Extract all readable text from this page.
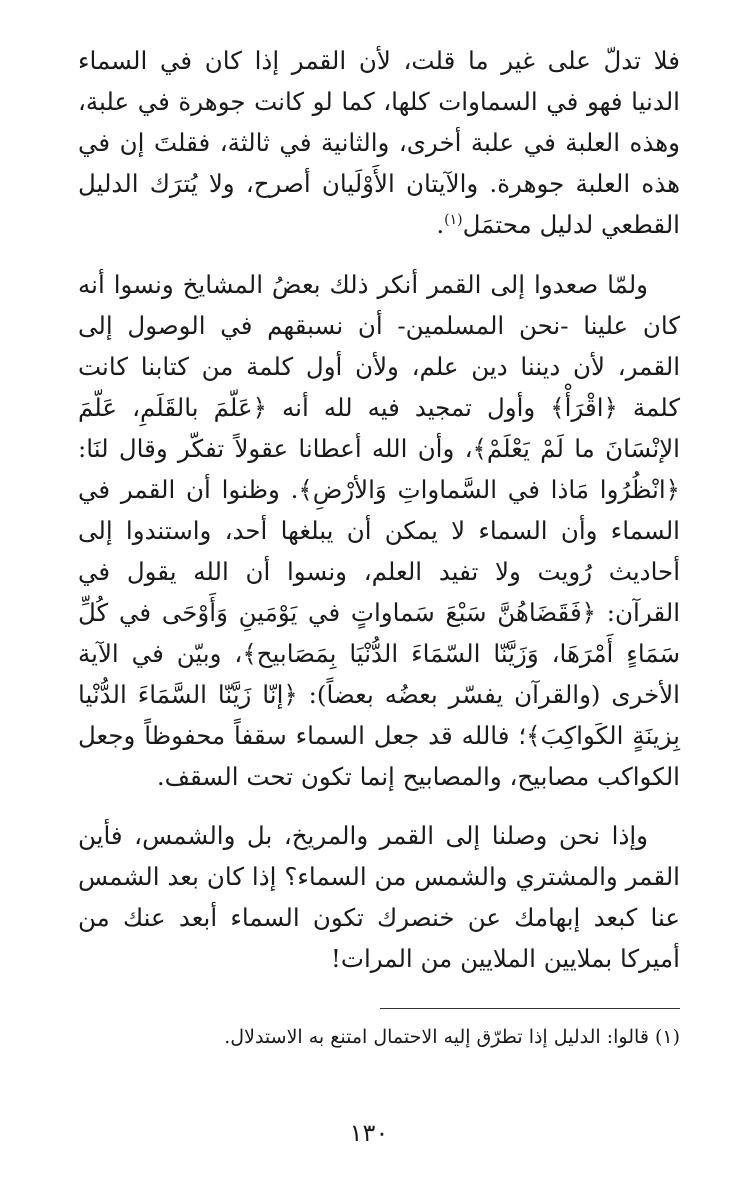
فلا تدلّ على غير ما قلت، لأن القمر إذا كان في السماء الدنيا فهو في السماوات كلها، كما لو كانت جوهرة في علبة، وهذه العلبة في علبة أخرى، والثانية في ثالثة، فقلتَ إن في هذه العلبة جوهرة. والآيتان الأَوْلَيان أصرح، ولا يُترَك الدليل القطعي لدليل محتمَل$^{(١)}$.

ولمّا صعدوا إلى القمر أنكر ذلك بعضُ المشايخ ونسوا أنه كان علينا -نحن المسلمين- أن نسبقهم في الوصول إلى القمر، لأن ديننا دين علم، ولأن أول كلمة من كتابنا كانت كلمة ﴿اقْرَأْ﴾ وأول تمجيد فيه لله أنه ﴿عَلّمَ بالقَلَمِ، عَلّمَ الإنْسَانَ ما لَمْ يَعْلَمْ﴾، وأن الله أعطانا عقولاً تفكّر وقال لنَا: ﴿انْظُرُوا مَاذا في السَّماواتِ وَالأرْضِ﴾. وظنوا أن القمر في السماء وأن السماء لا يمكن أن يبلغها أحد، واستندوا إلى أحاديث رُويت ولا تفيد العلم، ونسوا أن الله يقول في القرآن: ﴿فَقَضَاهُنَّ سَبْعَ سَماواتٍ في يَوْمَينِ وَأَوْحَى في كُلِّ سَمَاءٍ أَمْرَهَا، وَزَيَّنّا السّمَاءَ الدُّنْيَا بِمَصَابيح﴾، وبيّن في الآية الأخرى (والقرآن يفسّر بعضُه بعضاً): ﴿إنّا زَيَّنّا السَّمَاءَ الدُّنْيا بِزينَةٍ الكَواكِبَ﴾؛ فالله قد جعل السماء سقفاً محفوظاً وجعل الكواكب مصابيح، والمصابيح إنما تكون تحت السقف.

وإذا نحن وصلنا إلى القمر والمريخ، بل والشمس، فأين القمر والمشتري والشمس من السماء؟ إذا كان بعد الشمس عنا كبعد إبهامك عن خنصرك تكون السماء أبعد عنك من أميركا بملايين الملايين من المرات!

(١) قالوا: الدليل إذا تطرّق إليه الاحتمال امتنع به الاستدلال.

١٣٠
